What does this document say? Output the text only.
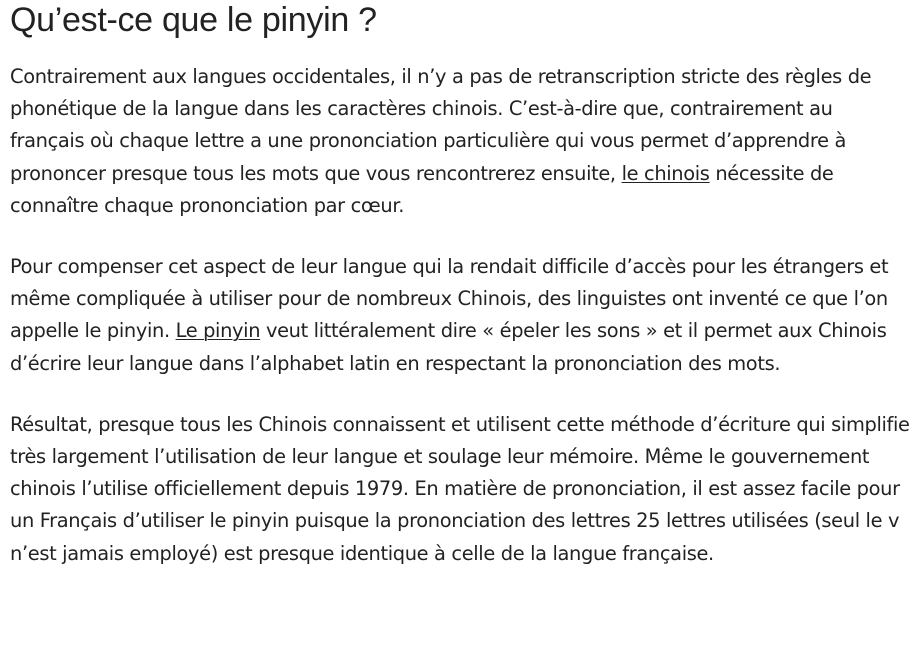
Qu’est-ce que le pinyin ?

Contrairement aux langues occidentales, il n’y a pas de retranscription stricte des règles de phonétique de la langue dans les caractères chinois. C’est-à-dire que, contrairement au français où chaque lettre a une prononciation particulière qui vous permet d’apprendre à prononcer presque tous les mots que vous rencontrerez ensuite, le chinois nécessite de connaître chaque prononciation par cœur.

Pour compenser cet aspect de leur langue qui la rendait difficile d’accès pour les étrangers et même compliquée à utiliser pour de nombreux Chinois, des linguistes ont inventé ce que l’on appelle le pinyin. Le pinyin veut littéralement dire « épeler les sons » et il permet aux Chinois d’écrire leur langue dans l’alphabet latin en respectant la prononciation des mots.

Résultat, presque tous les Chinois connaissent et utilisent cette méthode d’écriture qui simplifie très largement l’utilisation de leur langue et soulage leur mémoire. Même le gouvernement chinois l’utilise officiellement depuis 1979. En matière de prononciation, il est assez facile pour un Français d’utiliser le pinyin puisque la prononciation des lettres 25 lettres utilisées (seul le v n’est jamais employé) est presque identique à celle de la langue française.
